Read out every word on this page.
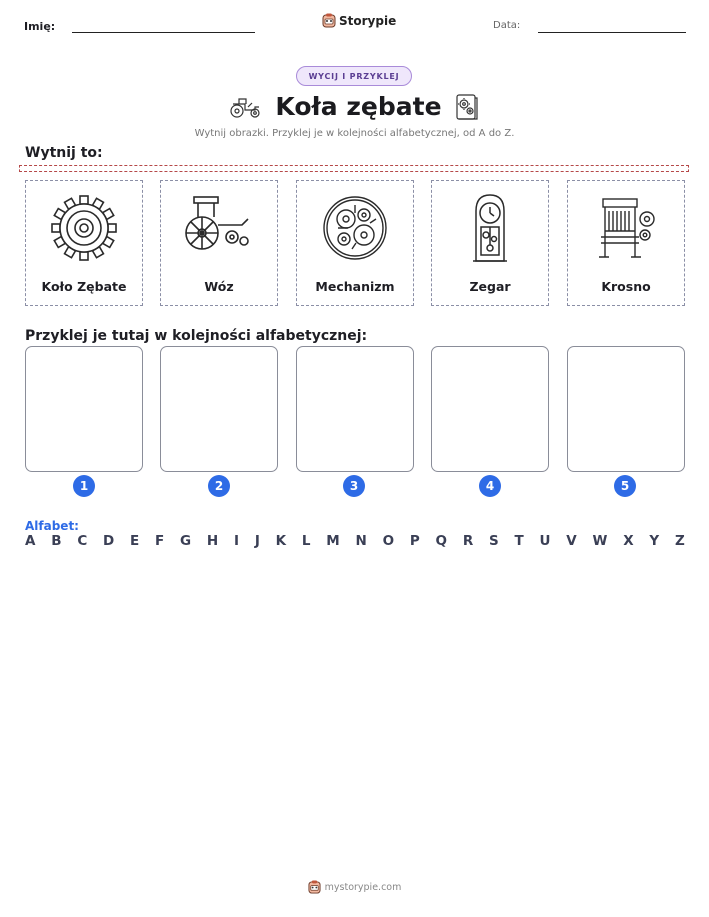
Imię:	Storypie	Data:
WYCIJ I PRZYKLEJ
Koła zębate
Wytnij obrazki. Przyklej je w kolejności alfabetycznej, od A do Z.
Wytnij to:
Koło Zębate	Wóz	Mechanizm	Zegar	Krosno
Przyklej je tutaj w kolejności alfabetycznej:
1	2	3	4	5
Alfabet:
A B C D E F G H I J K L M N O P Q R S T U V W X Y Z
mystorypie.com
